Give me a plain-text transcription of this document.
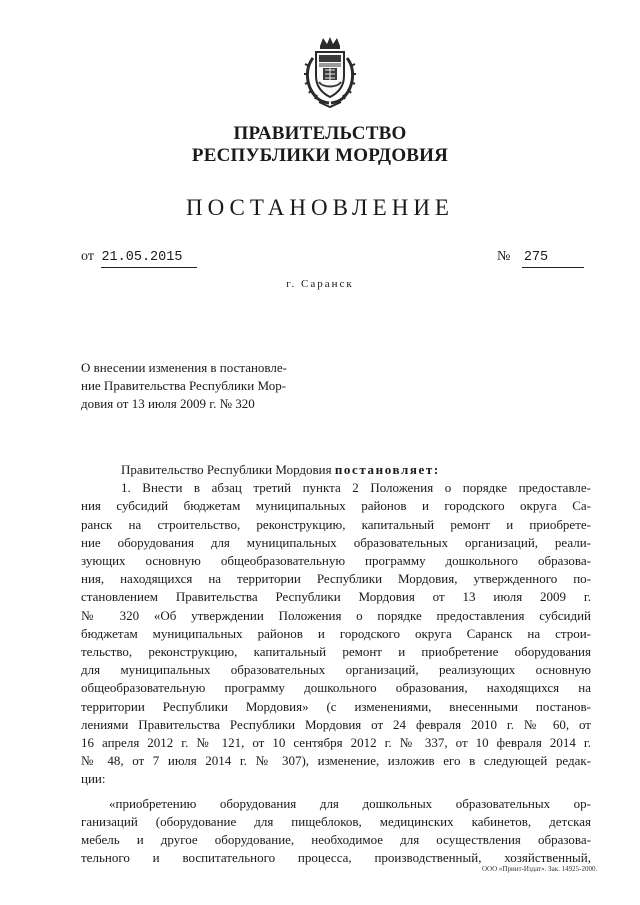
ПРАВИТЕЛЬСТВО
РЕСПУБЛИКИ МОРДОВИЯ
ПОСТАНОВЛЕНИЕ
от 21.05.2015	№ 275
г. Саранск
О внесении изменения в постановле-
ние Правительства Республики Мор-
довия от 13 июля 2009 г. № 320
Правительство Республики Мордовия постановляет:
1. Внести в абзац третий пункта 2 Положения о порядке предоставле-
ния субсидий бюджетам муниципальных районов и городского округа Са-
ранск на строительство, реконструкцию, капитальный ремонт и приобрете-
ние оборудования для муниципальных образовательных организаций, реали-
зующих основную общеобразовательную программу дошкольного образова-
ния, находящихся на территории Республики Мордовия, утвержденного по-
становлением Правительства Республики Мордовия от 13 июля 2009 г.
№ 320 «Об утверждении Положения о порядке предоставления субсидий
бюджетам муниципальных районов и городского округа Саранск на строи-
тельство, реконструкцию, капитальный ремонт и приобретение оборудования
для муниципальных образовательных организаций, реализующих основную
общеобразовательную программу дошкольного образования, находящихся на
территории Республики Мордовия» (с изменениями, внесенными постанов-
лениями Правительства Республики Мордовия от 24 февраля 2010 г. № 60, от
16 апреля 2012 г. № 121, от 10 сентября 2012 г. № 337, от 10 февраля 2014 г.
№ 48, от 7 июля 2014 г. № 307), изменение, изложив его в следующей редак-
ции:
«приобретению оборудования для дошкольных образовательных ор-
ганизаций (оборудование для пищеблоков, медицинских кабинетов, детская
мебель и другое оборудование, необходимое для осуществления образова-
тельного и воспитательного процесса, производственный, хозяйственный,
ООО «Принт-Издат». Зак. 14925-2000.
